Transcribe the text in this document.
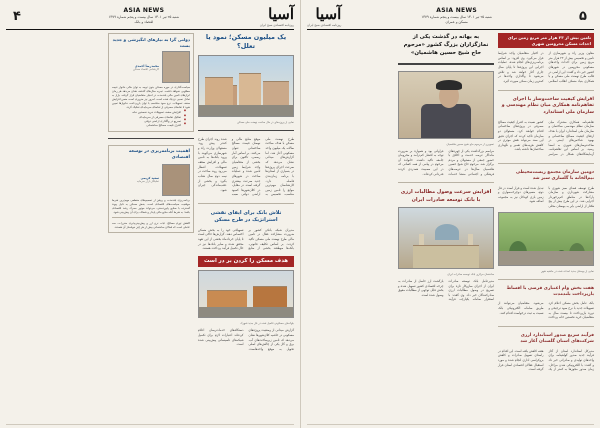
۵
ASIA NEWS
شنبه ۲۵ تیر ۱۴۰۱ سال بیست و پنجم شماره ۱۳۷۹
مسکن و عمران
آسیا
روزنامه اقتصادی صبح ایران
تامین بیش از ۲۳ هزار متر مربع زمین برای احداث مسکن محرومین شهری
معاون وزیر راه و شهرسازی از تامین و تخصیص بیش از ۲۳ هزار متر مربع زمین برای احداث واحدهای مسکونی محرومین در شهرهای کشور خبر داد و گفت: این اراضی در قالب طرح نهضت ملی مسکن و با همکاری بنیاد مسکن انقلاب اسلامی در اختیار متقاضیان واجد شرایط قرار می‌گیرد. وی افزود: بر اساس برنامه‌ریزی‌های انجام شده، عملیات اجرایی این پروژه‌ها تا پایان سال جاری آغاز خواهد شد و تلاش می‌شود تا واگذاری واحدها در کمترین زمان ممکن صورت گیرد.
افزایش کیفیت ساخت‌وساز با اجرای تفاهم‌نامه همکاری میان نظام مهندسی و سازمان ملی استاندارد
تفاهم‌نامه همکاری مشترک میان سازمان نظام مهندسی ساختمان و سازمان ملی استاندارد ایران با هدف ارتقای کیفیت مصالح ساختمانی و بهبود شاخص‌های ایمنی در ساخت‌وسازهای شهری به امضا رسید. بر اساس این تفاهم‌نامه، آزمایشگاه‌های همکار در سراسر کشور نسبت به کنترل کیفیت مصالح مصرفی در پروژه‌های ساختمانی اقدام خواهند کرد. مسئولان دو سازمان تاکید کردند که اجرای دقیق این سند می‌تواند نقش موثری در کاهش هزینه‌های تعمیر و نگهداری ساختمان‌ها داشته باشد.
دومین سازمان مجتمع زیست‌محیطی نیم‌الخانه با گلسازی سبز شد
طرح توسعه فضای سبز شهری با مشارکت شهرداری و سازمان پارک‌ها در مناطق کم‌برخوردار اجرایی شد. در این طرح بیش از پنج هکتار از اراضی بایر به بوستان محلی تبدیل شده است و قرار است در فاز دوم، مسیرهای دوچرخه‌سواری و زمین بازی کودکان نیز به مجموعه اضافه شود.
نمایی از بوستان جدید احداث شده در حاشیه شهر
هفت بخش وام اعتباری قرضی با اقساط بازپرداخت بلندمدت
بانک عامل بخش مسکن اعلام کرد تسهیلات جدید با نرخ سود ترجیحی و دوره بازپرداخت تا بیست سال به متقاضیان خرید نخستین خانه پرداخت می‌شود. متقاضیان می‌توانند از طریق سامانه الکترونیکی بانک نسبت به ثبت درخواست اقدام کنند.
فرآیند سریع صدور استاندارد ارزی شرکت‌های استان گلستان آغاز شد
مدیرکل استاندارد استان از آغاز فرآیند جدید صدور گواهینامه برای واحدهای تولیدی و صادراتی خبر داد و گفت: با الکترونیکی شدن مراحل، زمان صدور مجوزها به کمتر از یک هفته کاهش یافته است. این اقدام در راستای تسهیل صادرات و کاهش بروکراسی اداری انجام شده و مورد استقبال فعالان اقتصادی استان قرار گرفته است.
به بهانه در گذشت یکی از نمازگزاران بزرگ کشور «مرحوم حاج شیخ حسین هاشمیان»
تصویری از مرحوم حاج شیخ حسین هاشمیان
مراسم بزرگداشت یکی از چهره‌های ماندگار عرصه خدمت و اخلاق با حضور جمعی از مسئولان و مردم برگزار شد. مرحوم حاج شیخ حسین هاشمیان سال‌ها در عرصه‌های فرهنگی و اجتماعی منشا خدمات فراوانی بود و همواره بر ضرورت توجه به اقشار کم‌درآمد و محرومان جامعه تاکید داشت. خانواده آن مرحوم در پیامی از همه کسانی که در این مصیبت همدردی کردند قدردانی کرده‌اند.
افزایش سرعت وصول مطالبات ارزی با بانک توسعه صادرات ایران
ساختمان مرکزی بانک توسعه صادرات ایران
مدیرعامل بانک توسعه صادرات ایران از اجرای سازوکار تازه برای تسریع در وصول مطالبات ارزی صادرکنندگان خبر داد. وی گفت: با استقرار سامانه یکپارچه، فرآیند بازگشت ارز حاصل از صادرات به چرخه اقتصادی کشور تسهیل شده و بخش قابل توجهی از مطالبات معوق وصول شده است.
آسیا
روزنامه اقتصادی صبح ایران
ASIA NEWS
شنبه ۲۵ تیر ۱۴۰۱ سال بیست و پنجم شماره ۱۳۷۹
اقتصاد و بانک
۴
یک میلیون مسکن؛ نمود یا تعلل؟
نمایی از پروژه‌های در حال ساخت نهضت ملی مسکن
طرح نهضت ملی مسکن با هدف ساخت سالانه یک میلیون واحد مسکونی آغاز شد، اما گزارش‌های میدانی نشان می‌دهد که سرعت اجرای پروژه‌ها در بسیاری از استان‌ها با برنامه زمان‌بندی فاصله دارد. کارشناسان مهم‌ترین موانع را تامین زمین مناسب، تخصیص به موقع منابع مالی و نوسان قیمت مصالح ساختمانی عنوان می‌کنند. بر اساس آمار رسمی، تاکنون برای بخشی از متقاضیان واجد شرایط زمین تامین شده و عملیات ساخت در شهرهای جدید سرعت بیشتری گرفته است. در مقابل، در کلان‌شهرها کمبود اراضی دولتی سبب شده روند اجرای طرح کندتر پیش رود. مسئولان وزارت راه و شهرسازی می‌گویند با ورود بانک‌ها به تامین مالی و افزایش سقف تسهیلات، انتظار می‌رود روند ساخت در نیمه دوم سال شتاب بگیرد و بخشی از عقب‌ماندگی جبران شود.
تلاش بانک برای ایفای نقشی استراتژیک در طرح مسکن
مدیران شبکه بانکی کشور بر ضرورت مشارکت فعال در تامین مالی طرح نهضت ملی مسکن تاکید کردند. بر اساس تکلیف قانونی، بانک‌ها موظفند بخشی از منابع تسهیلاتی خود را به بخش مسکن اختصاص دهند. گزارش‌ها حاکی است تا پایان خردادماه بخشی از این تعهد محقق شده و سایر بانک‌ها نیز در حال تکمیل فرآیند پرداخت هستند.
هدف مسکن را کردن بر در است
بلوک‌های مسکونی تکمیل شده در فاز جدید شهرک
گزارش میدانی از وضعیت پروژه‌های مسکونی در حاشیه کلان‌شهرها نشان می‌دهد که تامین زیرساخت‌های آب، برق و گاز یکی از چالش‌های اصلی تحویل به موقع واحدهاست. دستگاه‌های خدمات‌رسان اعلام کرده‌اند اعتبارات لازم برای تکمیل شبکه‌های تاسیساتی پیش‌بینی شده است.
دولتی گرا به نیازهای انگیزشی و جدید بست
محمدرضا احمدی
کارشناس اقتصاد مسکن
سیاست‌گذاری در حوزه مسکن بدون توجه به توان مالی خانوار نتیجه مطلوبی نخواهد داشت. تجربه سال‌های گذشته نشان می‌دهد هر زمان ابزارهای تامین مالی بلندمدت در اختیار متقاضیان قرار گرفته، بازار به تعادل نسبی نزدیک شده است. امروز نیز ضروری است ضمن افزایش سقف تسهیلات، نرخ سود متناسب با توان بازپرداخت خانوارها تعیین شود تا تقاضای مصرفی از تقاضای سرمایه‌ای تفکیک گردد.
■ افزایش سقف تسهیلات خرید نخستین خانه
■ تفکیک تقاضای مصرفی از سرمایه‌ای
■ تسریع در واگذاری اراضی دولتی
■ کنترل قیمت مصالح ساختمانی
اهمیت برنامه‌ریزی در توسعه اقتصادی
سعید کریمی
تحلیلگر بازار سرمایه
برنامه‌ریزی بلندمدت و پرهیز از تصمیم‌های مقطعی مهم‌ترین شرط موفقیت سیاست‌های اقتصادی است. بخش مسکن به دلیل پیوند گسترده با صنایع پایین‌دستی، می‌تواند موتور محرک رشد اقتصادی باشد؛ به شرط آنکه منابع مالی پایدار و شفاف برای آن پیش‌بینی شود.
کاهش تورم مصالح، ثبات نرخ ارز و پیش‌بینی‌پذیری مقررات، سه عاملی است که فعالان ساختمانی بیش از هر چیز خواستار آن هستند.
